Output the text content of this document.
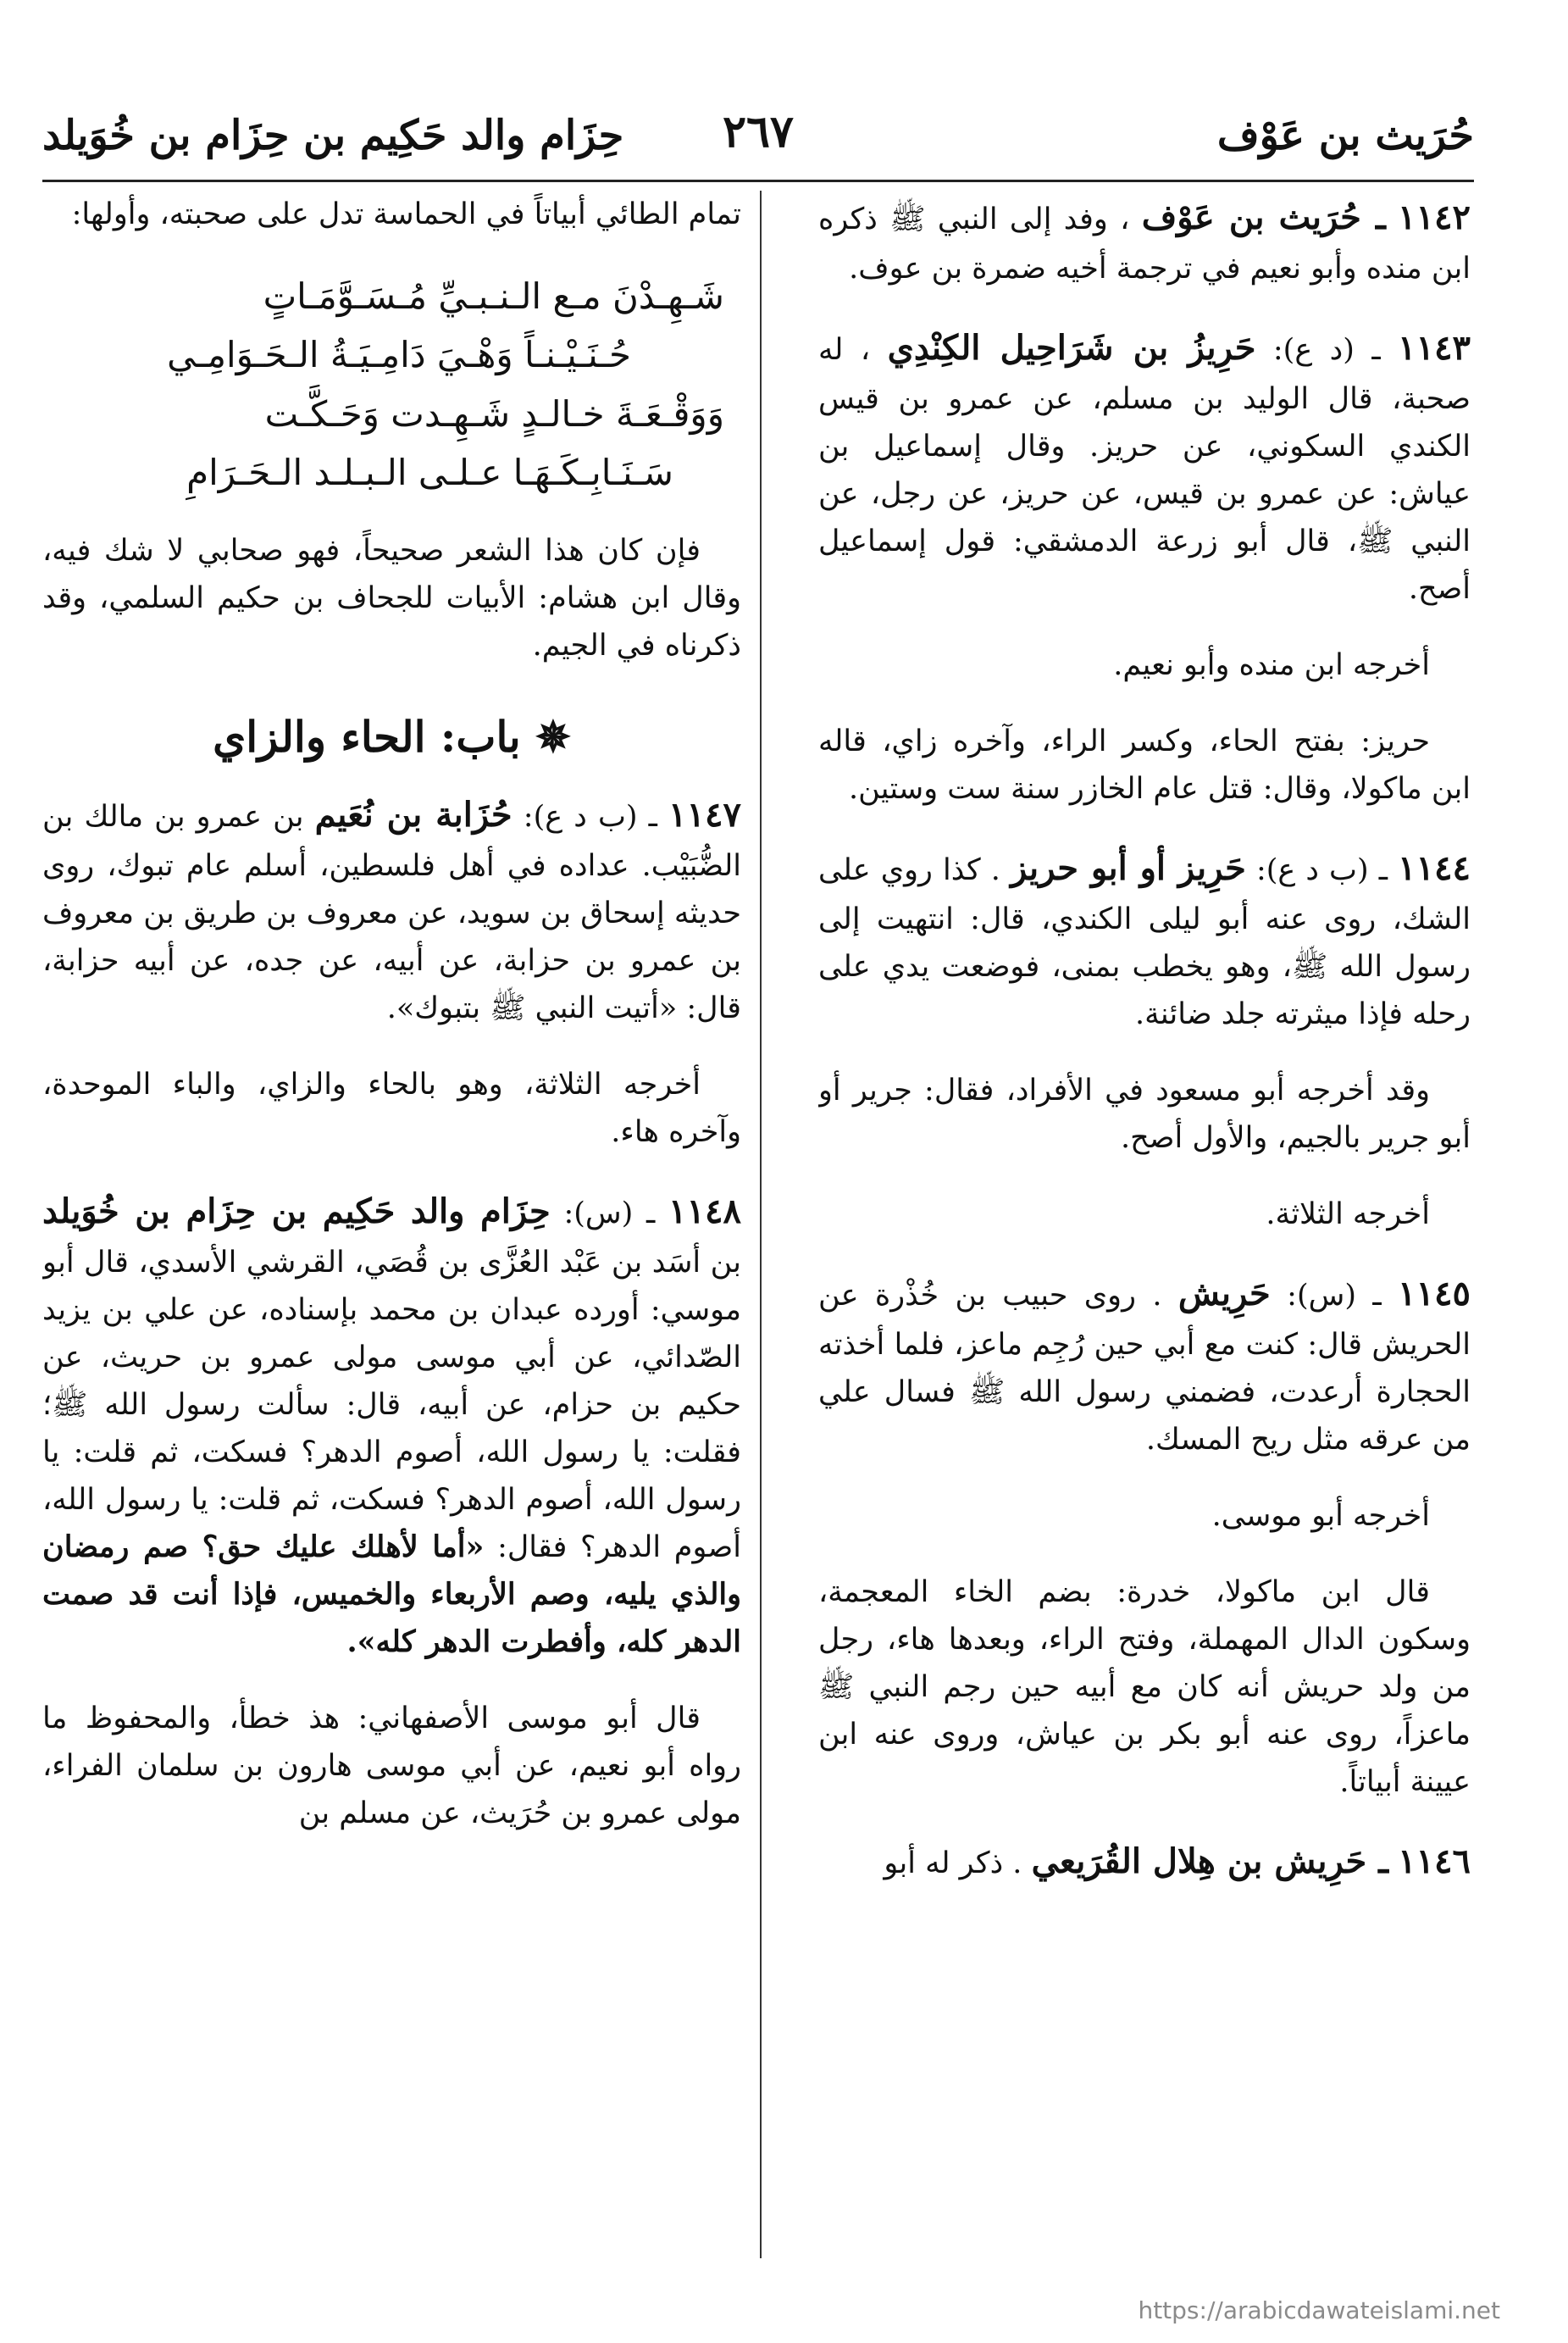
حُرَيث بن عَوْف
٢٦٧
حِزَام والد حَكِيم بن حِزَام بن خُوَيلد

١١٤٢ ـ حُرَيث بن عَوْف ، وفد إلى النبي ﷺ ذكره ابن منده وأبو نعيم في ترجمة أخيه ضمرة بن عوف.

١١٤٣ ـ (د ع): حَرِيزُ بن شَرَاحِيل الكِنْدِي ، له صحبة، قال الوليد بن مسلم، عن عمرو بن قيس الكندي السكوني، عن حريز. وقال إسماعيل بن عياش: عن عمرو بن قيس، عن حريز، عن رجل، عن النبي ﷺ، قال أبو زرعة الدمشقي: قول إسماعيل أصح.

أخرجه ابن منده وأبو نعيم.

حريز: بفتح الحاء، وكسر الراء، وآخره زاي، قاله ابن ماكولا، وقال: قتل عام الخازر سنة ست وستين.

١١٤٤ ـ (ب د ع): حَرِيز أو أبو حريز . كذا روي على الشك، روى عنه أبو ليلى الكندي، قال: انتهيت إلى رسول الله ﷺ، وهو يخطب بمنى، فوضعت يدي على رحله فإذا ميثرته جلد ضائنة.

وقد أخرجه أبو مسعود في الأفراد، فقال: جرير أو أبو جرير بالجيم، والأول أصح.

أخرجه الثلاثة.

١١٤٥ ـ (س): حَرِيش . روى حبيب بن خُذْرة عن الحريش قال: كنت مع أبي حين رُجِم ماعز، فلما أخذته الحجارة أرعدت، فضمني رسول الله ﷺ فسال علي من عرقه مثل ريح المسك.

أخرجه أبو موسى.

قال ابن ماكولا، خدرة: بضم الخاء المعجمة، وسكون الدال المهملة، وفتح الراء، وبعدها هاء، رجل من ولد حريش أنه كان مع أبيه حين رجم النبي ﷺ ماعزاً، روى عنه أبو بكر بن عياش، وروى عنه ابن عيينة أبياتاً.

١١٤٦ ـ حَرِيش بن هِلال القُرَيعي . ذكر له أبو

تمام الطائي أبياتاً في الحماسة تدل على صحبته، وأولها:

شَـهِـدْنَ مـع الـنـبـيِّ مُـسَـوَّمَـاتٍ
حُـنَـيْـنـاً وَهْـيَ دَامِـيَـةُ الـحَـوَامِـي
وَوَقْـعَـةَ خـالـدٍ شَـهِـدت وَحَـكَّـت
سَـنَـابِـكَـهَـا عـلـى الـبـلـد الـحَـرَامِ

فإن كان هذا الشعر صحيحاً، فهو صحابي لا شك فيه، وقال ابن هشام: الأبيات للجحاف بن حكيم السلمي، وقد ذكرناه في الجيم.

✵ باب: الحاء والزاي

١١٤٧ ـ (ب د ع): حُزَابة بن نُعَيم بن عمرو بن مالك بن الضُّبَيْب. عداده في أهل فلسطين، أسلم عام تبوك، روى حديثه إسحاق بن سويد، عن معروف بن طريق بن معروف بن عمرو بن حزابة، عن أبيه، عن جده، عن أبيه حزابة، قال: «أتيت النبي ﷺ بتبوك».

أخرجه الثلاثة، وهو بالحاء والزاي، والباء الموحدة، وآخره هاء.

١١٤٨ ـ (س): حِزَام والد حَكِيم بن حِزَام بن خُوَيلد بن أسَد بن عَبْد العُزَّى بن قُصَي، القرشي الأسدي، قال أبو موسي: أورده عبدان بن محمد بإسناده، عن علي بن يزيد الصّدائي، عن أبي موسى مولى عمرو بن حريث، عن حكيم بن حزام، عن أبيه، قال: سألت رسول الله ﷺ؛ فقلت: يا رسول الله، أصوم الدهر؟ فسكت، ثم قلت: يا رسول الله، أصوم الدهر؟ فسكت، ثم قلت: يا رسول الله، أصوم الدهر؟ فقال: «أما لأهلك عليك حق؟ صم رمضان والذي يليه، وصم الأربعاء والخميس، فإذا أنت قد صمت الدهر كله، وأفطرت الدهر كله».

قال أبو موسى الأصفهاني: هذ خطأ، والمحفوظ ما رواه أبو نعيم، عن أبي موسى هارون بن سلمان الفراء، مولى عمرو بن حُرَيث، عن مسلم بن

https://arabicdawateislami.net
